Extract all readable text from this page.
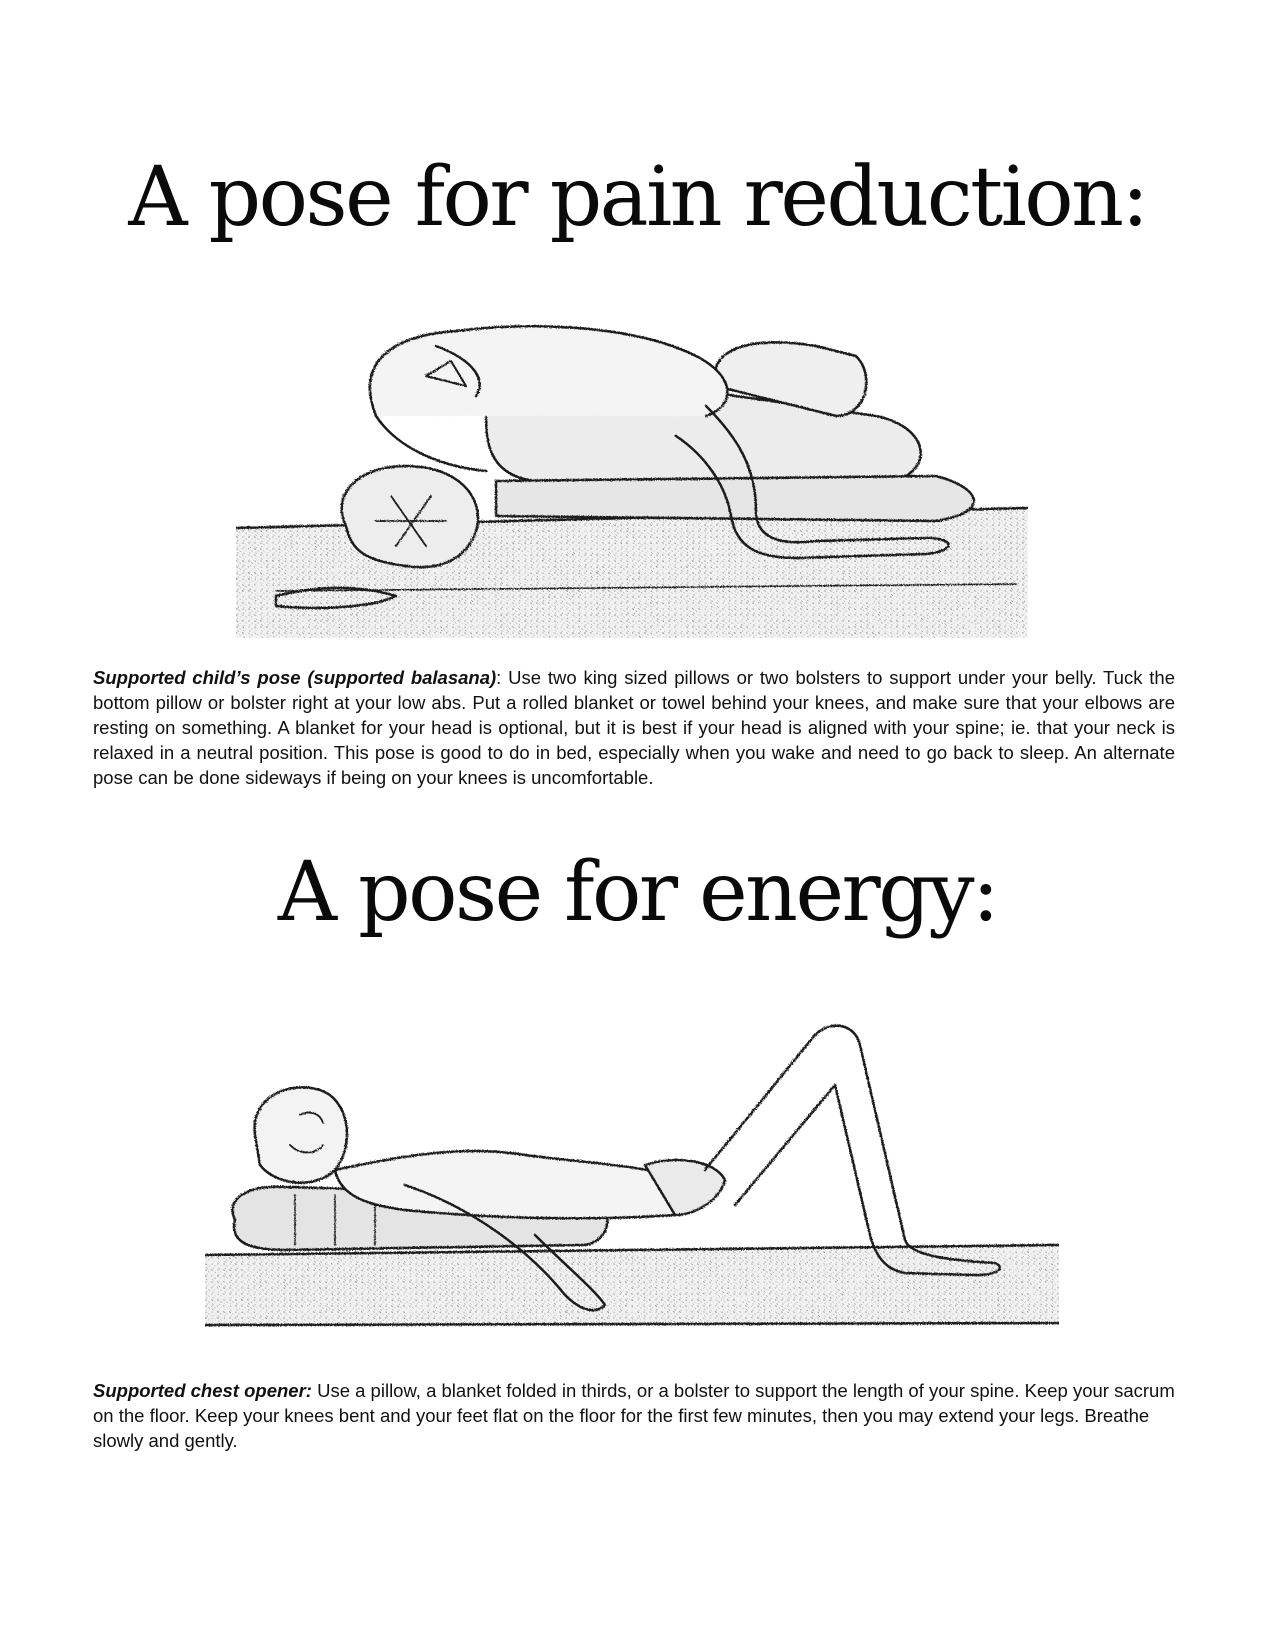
A pose for pain reduction:

Supported child’s pose (supported balasana): Use two king sized pillows or two bolsters to support under your belly. Tuck the bottom pillow or bolster right at your low abs. Put a rolled blanket or towel behind your knees, and make sure that your elbows are resting on something. A blanket for your head is optional, but it is best if your head is aligned with your spine; ie. that your neck is relaxed in a neutral position. This pose is good to do in bed, especially when you wake and need to go back to sleep. An alternate pose can be done sideways if being on your knees is uncomfortable.

A pose for energy:

Supported chest opener: Use a pillow, a blanket folded in thirds, or a bolster to support the length of your spine. Keep your sacrum on the floor. Keep your knees bent and your feet flat on the floor for the first few minutes, then you may extend your legs. Breathe slowly and gently.
